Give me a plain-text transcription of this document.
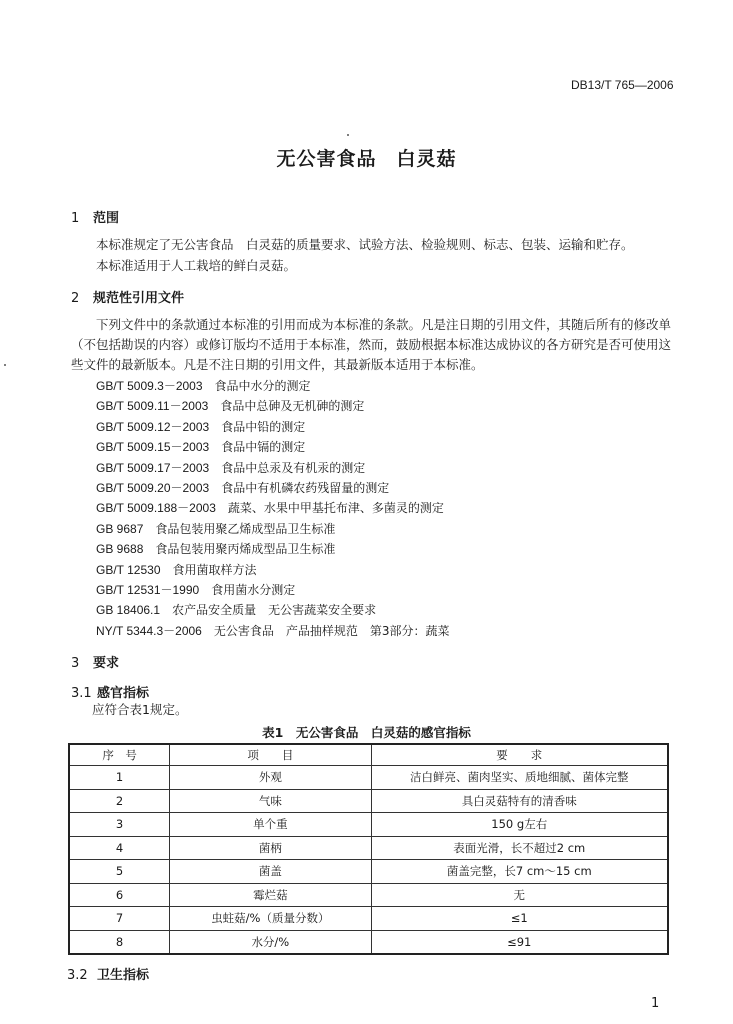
DB13/T 765—2006
无公害食品　白灵菇
1 范围
本标准规定了无公害食品　白灵菇的质量要求、试验方法、检验规则、标志、包装、运输和贮存。
本标准适用于人工栽培的鲜白灵菇。
2 规范性引用文件
下列文件中的条款通过本标准的引用而成为本标准的条款。凡是注日期的引用文件，其随后所有的修改单（不包括勘误的内容）或修订版均不适用于本标准，然而，鼓励根据本标准达成协议的各方研究是否可使用这些文件的最新版本。凡是不注日期的引用文件，其最新版本适用于本标准。
GB/T 5009.3－2003 食品中水分的测定
GB/T 5009.11－2003 食品中总砷及无机砷的测定
GB/T 5009.12－2003 食品中铅的测定
GB/T 5009.15－2003 食品中镉的测定
GB/T 5009.17－2003 食品中总汞及有机汞的测定
GB/T 5009.20－2003 食品中有机磷农药残留量的测定
GB/T 5009.188－2003 蔬菜、水果中甲基托布津、多菌灵的测定
GB 9687 食品包装用聚乙烯成型品卫生标准
GB 9688 食品包装用聚丙烯成型品卫生标准
GB/T 12530 食用菌取样方法
GB/T 12531－1990 食用菌水分测定
GB 18406.1 农产品安全质量　无公害蔬菜安全要求
NY/T 5344.3－2006 无公害食品　产品抽样规范　第3部分：蔬菜
3 要求
3.1 感官指标
应符合表1规定。
表1　无公害食品　白灵菇的感官指标
序　号	项　　目	要　　求
1	外观	洁白鲜亮、菌肉坚实、质地细腻、菌体完整
2	气味	具白灵菇特有的清香味
3	单个重	150 g左右
4	菌柄	表面光滑，长不超过2 cm
5	菌盖	菌盖完整，长7 cm～15 cm
6	霉烂菇	无
7	虫蛀菇/%（质量分数）	≤1
8	水分/%	≤91
3.2 卫生指标
1
